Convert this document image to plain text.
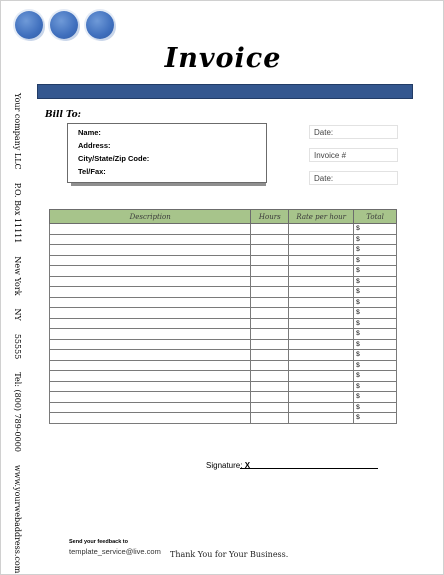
Invoice
Your company LLC
P.O. Box 11111
New York
NY
55555
Tel: (800) 789-0000
www.yourwebaddress.com
Bill To:
Name:
Address:
City/State/Zip Code:
Tel/Fax:
Date:
Invoice #
Date:
Description	Hours	Rate per hour	Total
			$
			$
			$
			$
			$
			$
			$
			$
			$
			$
			$
			$
			$
			$
			$
			$
			$
			$
			$
Signature: X
Send your feedback to
template_service@live.com Thank You for Your Business.
